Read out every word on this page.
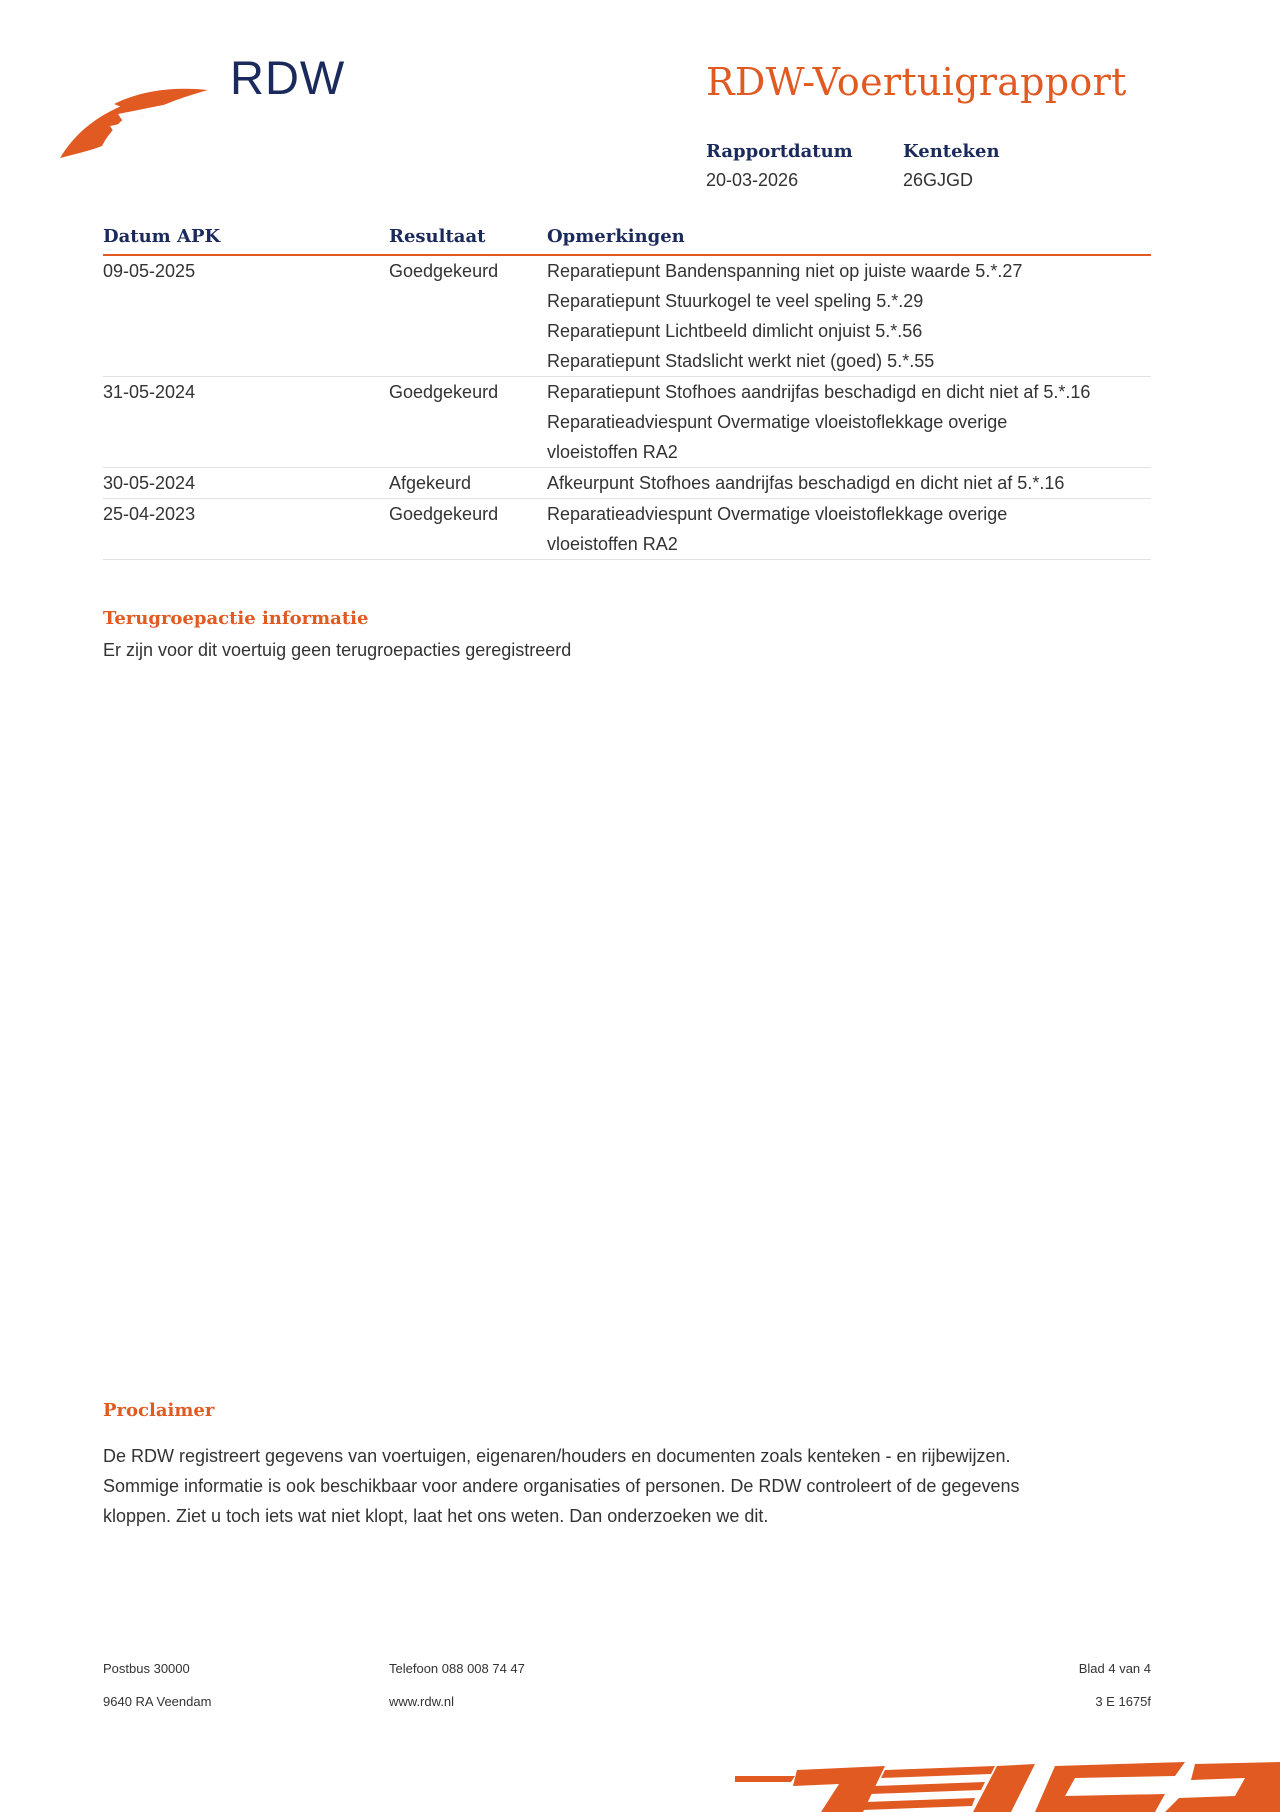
RDW	RDW-Voertuigrapport
Rapportdatum
20-03-2026
Kenteken
26GJGD
Datum APK	Resultaat	Opmerkingen
09-05-2025	Goedgekeurd	Reparatiepunt Bandenspanning niet op juiste waarde 5.*.27
Reparatiepunt Stuurkogel te veel speling 5.*.29
Reparatiepunt Lichtbeeld dimlicht onjuist 5.*.56
Reparatiepunt Stadslicht werkt niet (goed) 5.*.55
31-05-2024	Goedgekeurd	Reparatiepunt Stofhoes aandrijfas beschadigd en dicht niet af 5.*.16
Reparatieadviespunt Overmatige vloeistoflekkage overige
vloeistoffen RA2
30-05-2024	Afgekeurd	Afkeurpunt Stofhoes aandrijfas beschadigd en dicht niet af 5.*.16
25-04-2023	Goedgekeurd	Reparatieadviespunt Overmatige vloeistoflekkage overige
vloeistoffen RA2
Terugroepactie informatie
Er zijn voor dit voertuig geen terugroepacties geregistreerd
Proclaimer
De RDW registreert gegevens van voertuigen, eigenaren/houders en documenten zoals kenteken - en rijbewijzen.
Sommige informatie is ook beschikbaar voor andere organisaties of personen. De RDW controleert of de gegevens
kloppen. Ziet u toch iets wat niet klopt, laat het ons weten. Dan onderzoeken we dit.
Postbus 30000
9640 RA Veendam
Telefoon 088 008 74 47
www.rdw.nl
Blad 4 van 4
3 E 1675f
